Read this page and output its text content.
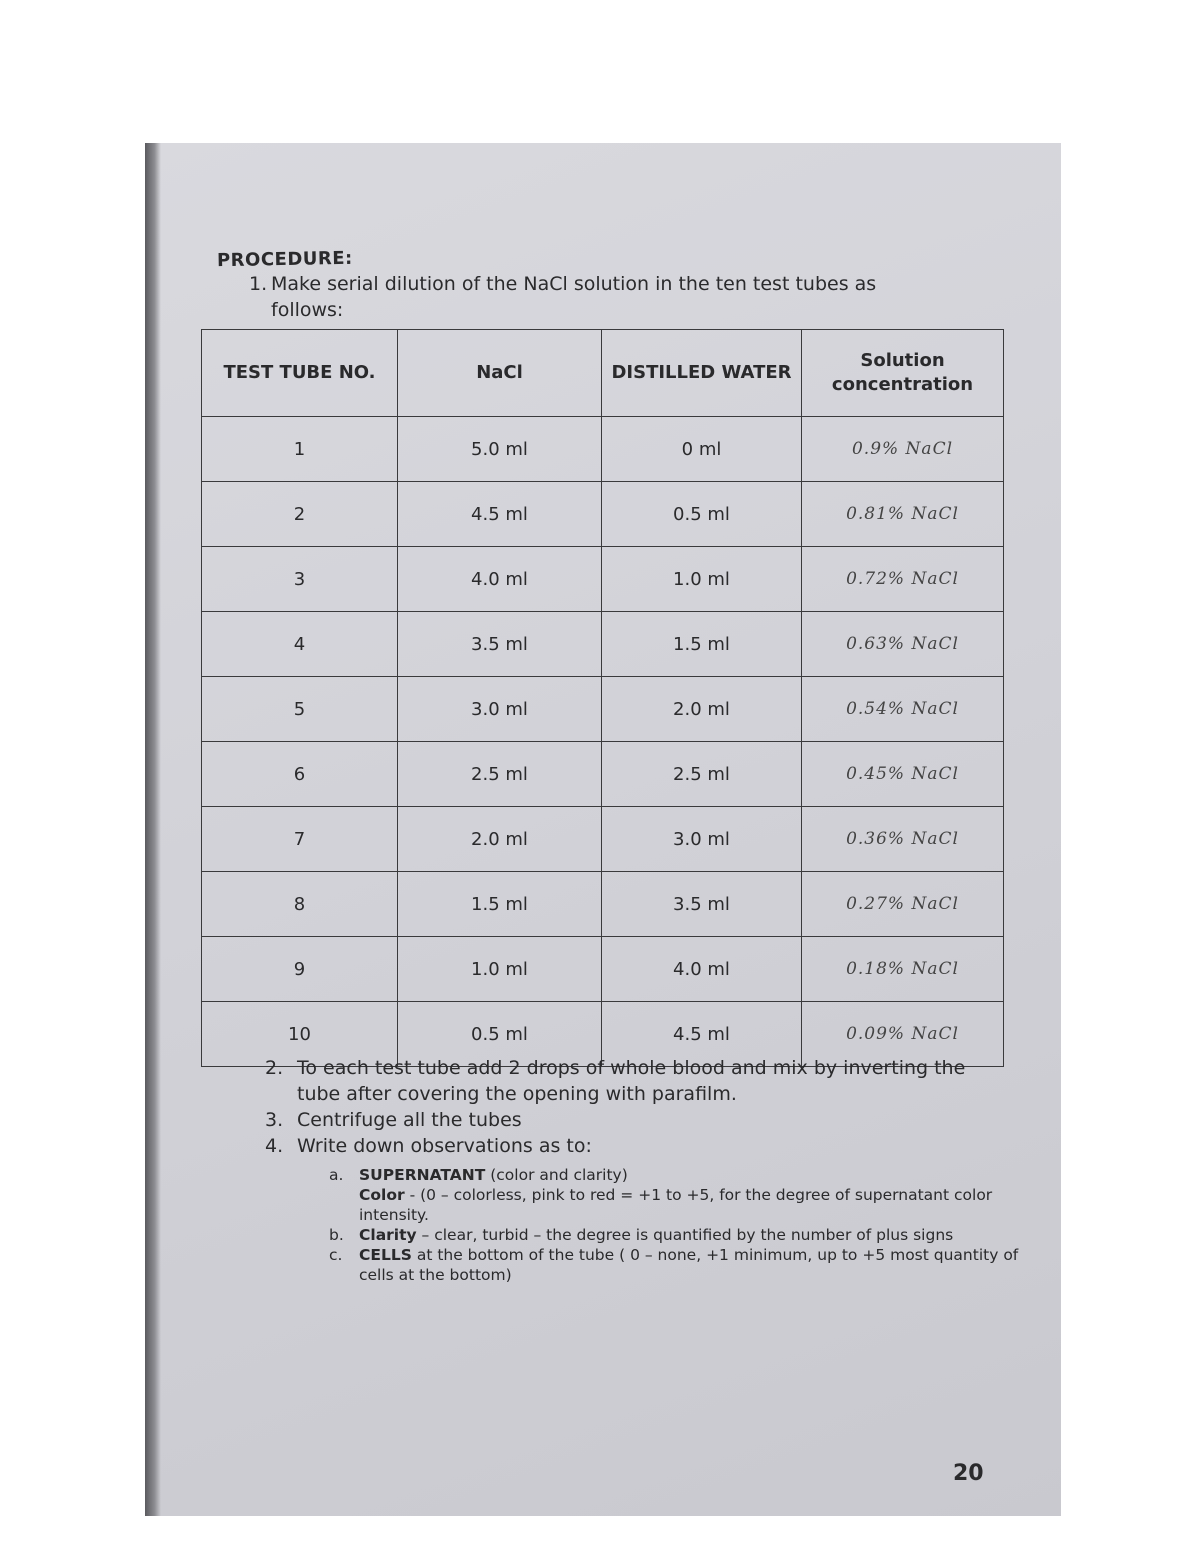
PROCEDURE:
1. Make serial dilution of the NaCl solution in the ten test tubes as follows:
TEST TUBE NO.	NaCl	DISTILLED WATER	Solution concentration
1	5.0 ml	0 ml	0.9% NaCl
2	4.5 ml	0.5 ml	0.81% NaCl
3	4.0 ml	1.0 ml	0.72% NaCl
4	3.5 ml	1.5 ml	0.63% NaCl
5	3.0 ml	2.0 ml	0.54% NaCl
6	2.5 ml	2.5 ml	0.45% NaCl
7	2.0 ml	3.0 ml	0.36% NaCl
8	1.5 ml	3.5 ml	0.27% NaCl
9	1.0 ml	4.0 ml	0.18% NaCl
10	0.5 ml	4.5 ml	0.09% NaCl
2. To each test tube add 2 drops of whole blood and mix by inverting the tube after covering the opening with parafilm.
3. Centrifuge all the tubes
4. Write down observations as to:
a. SUPERNATANT (color and clarity)
Color - (0 – colorless, pink to red = +1 to +5, for the degree of supernatant color intensity.
b. Clarity – clear, turbid – the degree is quantified by the number of plus signs
c. CELLS at the bottom of the tube ( 0 – none, +1 minimum, up to +5 most quantity of cells at the bottom)
20
